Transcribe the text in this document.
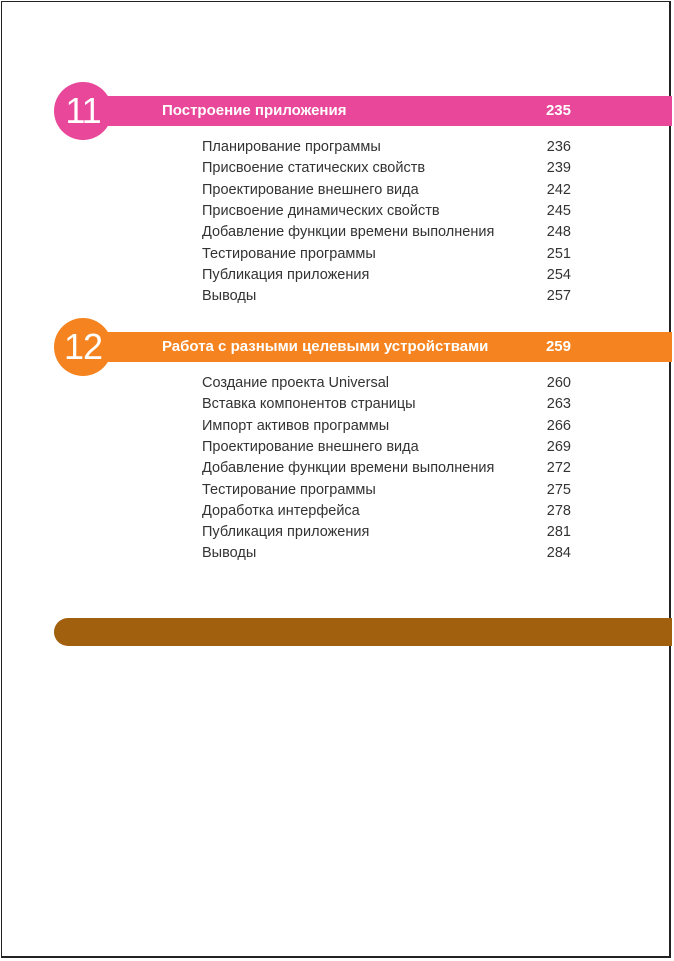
11	Построение приложения	235
Планирование программы	236
Присвоение статических свойств	239
Проектирование внешнего вида	242
Присвоение динамических свойств	245
Добавление функции времени выполнения	248
Тестирование программы	251
Публикация приложения	254
Выводы	257
12	Работа с разными целевыми устройствами	259
Создание проекта Universal	260
Вставка компонентов страницы	263
Импорт активов программы	266
Проектирование внешнего вида	269
Добавление функции времени выполнения	272
Тестирование программы	275
Доработка интерфейса	278
Публикация приложения	281
Выводы	284
